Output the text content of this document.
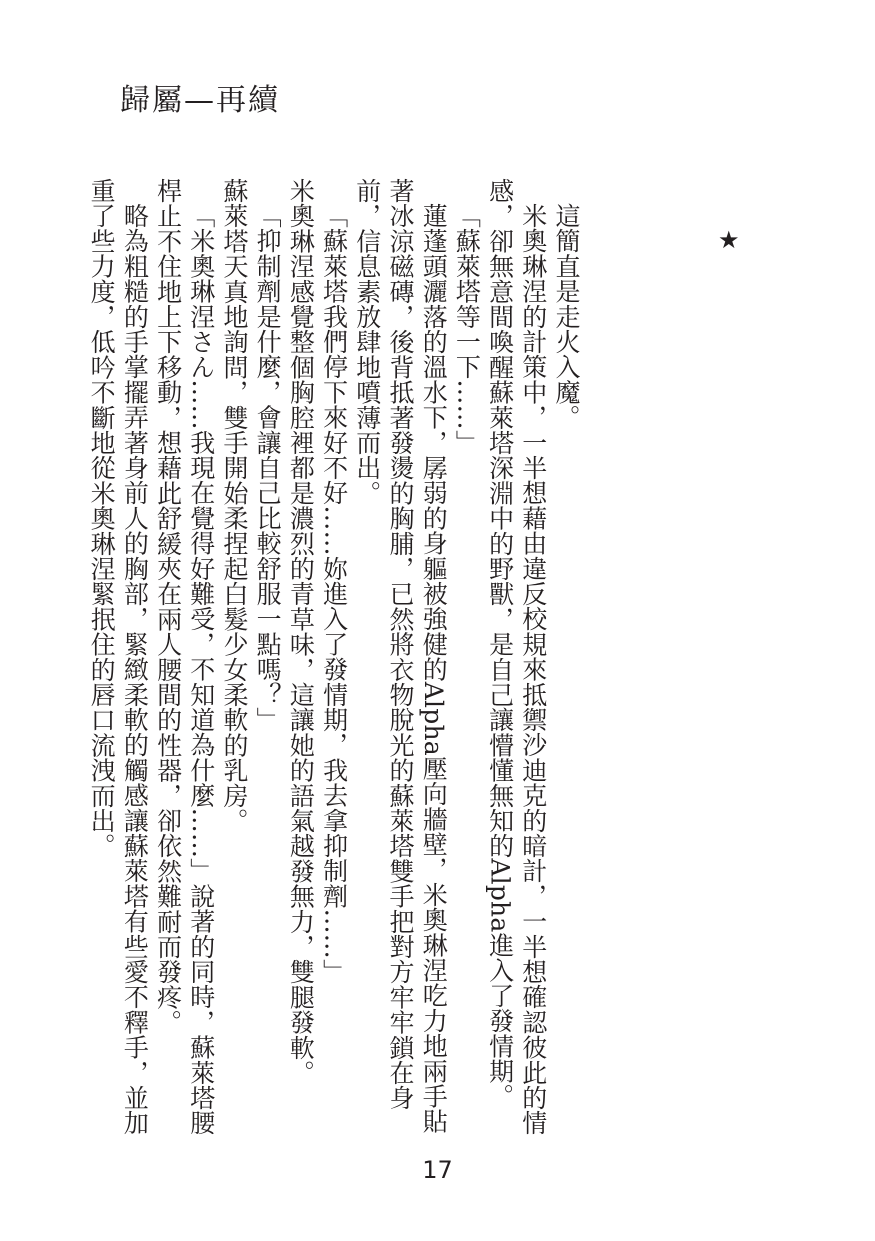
歸屬—再續
★

這簡直是走火入魔。

米奧琳涅的計策中，一半想藉由違反校規來抵禦沙迪克的暗計，一半想確認彼此的情感，卻無意間喚醒蘇萊塔深淵中的野獸，是自己讓懵懂無知的Alpha進入了發情期。

「蘇萊塔等一下……」

蓮蓬頭灑落的溫水下，孱弱的身軀被強健的Alpha壓向牆壁，米奧琳涅吃力地兩手貼著冰涼磁磚，後背抵著發燙的胸脯，已然將衣物脫光的蘇萊塔雙手把對方牢牢鎖在身前，信息素放肆地噴薄而出。

「蘇萊塔我們停下來好不好……妳進入了發情期，我去拿抑制劑……」

米奧琳涅感覺整個胸腔裡都是濃烈的青草味，這讓她的語氣越發無力，雙腿發軟。

「抑制劑是什麼，會讓自己比較舒服一點嗎？」

蘇萊塔天真地詢問，雙手開始柔捏起白髮少女柔軟的乳房。

「米奧琳涅さん……我現在覺得好難受，不知道為什麼……」說著的同時，蘇萊塔腰桿止不住地上下移動，想藉此舒緩夾在兩人腰間的性器，卻依然難耐而發疼。

略為粗糙的手掌擺弄著身前人的胸部，緊緻柔軟的觸感讓蘇萊塔有些愛不釋手，並加重了些力度，低吟不斷地從米奧琳涅緊抿住的唇口流洩而出。

17
